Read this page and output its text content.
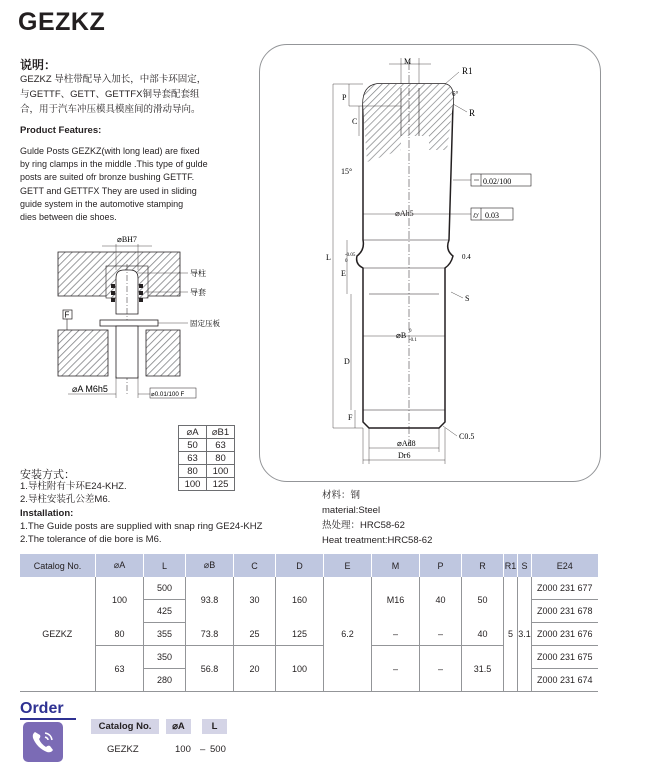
GEZKZ
说明：
GEZKZ 导柱带配导入加长，中部卡环固定，
与GETTF、GETT、GETTFX铜导套配套组
合，用于汽车冲压模具模座间的滑动导向。
Product Features:
Gulde Posts GEZKZ(with long lead) are fixed
by ring clamps in the middle .This type of gulde
posts are suited ofr bronze bushing GETTF.
GETT and GETTFX They are used in sliding
guide system in the automotive stamping
dies between die shoes.
F
⌀BH7
导柱
导套
固定压板
⌀A M6h5
⌀0.01/100 F
⌀A	⌀B1
50	63
63	80
80	100
100	125
安装方式：
1.导柱附有卡环E24-KHZ.
2.导柱安装孔公差M6.
Installation:
1.The Guide posts are supplied with snap ring GE24-KHZ
2.The tolerance of die bore is M6.
材料：钢
material:Steel
热处理：HRC58-62
Heat treatment:HRC58-62
M
R1
6°
R
P
C
15°
L
E
-0.05
0
D
F
0.02/100
⌭ 0.03
⌀Ah5
0.4
S
⌀B 0
-0.1
C0.5
⌀Ad8
Dr6
Catalog No.	⌀A	L	⌀B	C	D	E	M	P	R	R1	S	E24
GEZKZ	100	500	93.8	30	160	6.2	M16	40	50	5	3.1	Z000 231 677
		425										Z000 231 678
	80	355	73.8	25	125		–	–	40			Z000 231 676
	63	350	56.8	20	100		–	–	31.5			Z000 231 675
		280										Z000 231 674
Order
Catalog No.	⌀A	L
GEZKZ	100 – 500
